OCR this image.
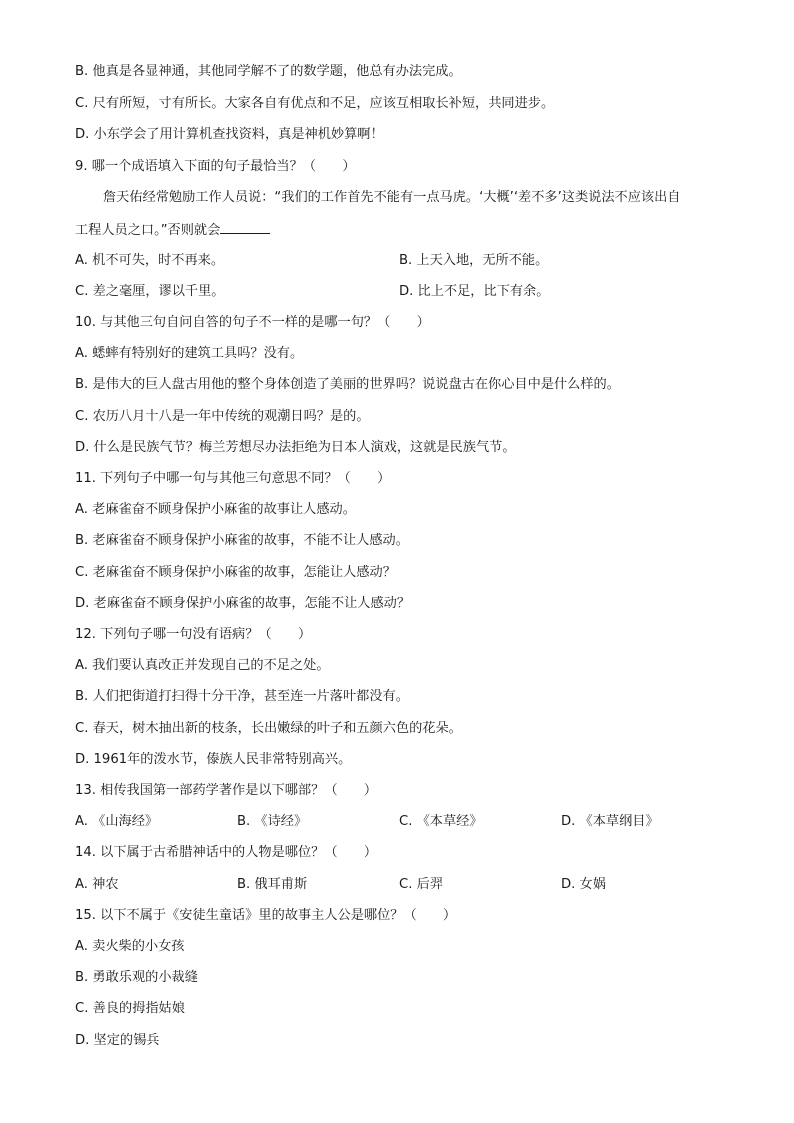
B. 他真是各显神通，其他同学解不了的数学题，他总有办法完成。
C. 尺有所短，寸有所长。大家各自有优点和不足，应该互相取长补短，共同进步。
D. 小东学会了用计算机查找资料，真是神机妙算啊！
9. 哪一个成语填入下面的句子最恰当？（　　）
詹天佑经常勉励工作人员说：“我们的工作首先不能有一点马虎。‘大概’‘差不多’这类说法不应该出自
工程人员之口。”否则就会
A. 机不可失，时不再来。	B. 上天入地，无所不能。
C. 差之毫厘，谬以千里。	D. 比上不足，比下有余。
10. 与其他三句自问自答的句子不一样的是哪一句？（　　）
A. 蟋蟀有特别好的建筑工具吗？没有。
B. 是伟大的巨人盘古用他的整个身体创造了美丽的世界吗？说说盘古在你心目中是什么样的。
C. 农历八月十八是一年中传统的观潮日吗？是的。
D. 什么是民族气节？梅兰芳想尽办法拒绝为日本人演戏，这就是民族气节。
11. 下列句子中哪一句与其他三句意思不同？（　　）
A. 老麻雀奋不顾身保护小麻雀的故事让人感动。
B. 老麻雀奋不顾身保护小麻雀的故事，不能不让人感动。
C. 老麻雀奋不顾身保护小麻雀的故事，怎能让人感动？
D. 老麻雀奋不顾身保护小麻雀的故事，怎能不让人感动？
12. 下列句子哪一句没有语病？（　　）
A. 我们要认真改正并发现自己的不足之处。
B. 人们把街道打扫得十分干净，甚至连一片落叶都没有。
C. 春天，树木抽出新的枝条，长出嫩绿的叶子和五颜六色的花朵。
D. 1961年的泼水节，傣族人民非常特别高兴。
13. 相传我国第一部药学著作是以下哪部？（　　）
A. 《山海经》	B. 《诗经》	C. 《本草经》	D. 《本草纲目》
14. 以下属于古希腊神话中的人物是哪位？（　　）
A. 神农	B. 俄耳甫斯	C. 后羿	D. 女娲
15. 以下不属于《安徒生童话》里的故事主人公是哪位？（　　）
A. 卖火柴的小女孩
B. 勇敢乐观的小裁缝
C. 善良的拇指姑娘
D. 坚定的锡兵
